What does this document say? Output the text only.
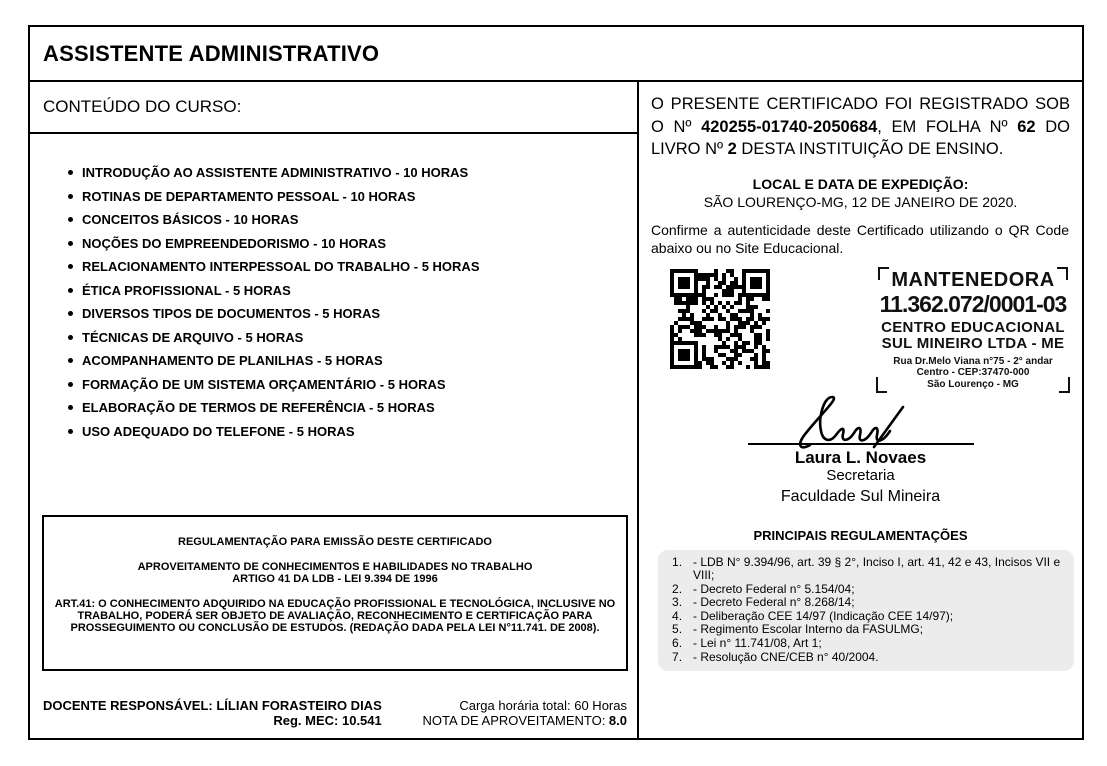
ASSISTENTE ADMINISTRATIVO
CONTEÚDO DO CURSO:
INTRODUÇÃO AO ASSISTENTE ADMINISTRATIVO - 10 HORAS
ROTINAS DE DEPARTAMENTO PESSOAL - 10 HORAS
CONCEITOS BÁSICOS - 10 HORAS
NOÇÕES DO EMPREENDEDORISMO - 10 HORAS
RELACIONAMENTO INTERPESSOAL DO TRABALHO - 5 HORAS
ÉTICA PROFISSIONAL - 5 HORAS
DIVERSOS TIPOS DE DOCUMENTOS - 5 HORAS
TÉCNICAS DE ARQUIVO - 5 HORAS
ACOMPANHAMENTO DE PLANILHAS - 5 HORAS
FORMAÇÃO DE UM SISTEMA ORÇAMENTÁRIO - 5 HORAS
ELABORAÇÃO DE TERMOS DE REFERÊNCIA - 5 HORAS
USO ADEQUADO DO TELEFONE - 5 HORAS
REGULAMENTAÇÃO PARA EMISSÃO DESTE CERTIFICADO
APROVEITAMENTO DE CONHECIMENTOS E HABILIDADES NO TRABALHO
ARTIGO 41 DA LDB - LEI 9.394 DE 1996
ART.41: O CONHECIMENTO ADQUIRIDO NA EDUCAÇÃO PROFISSIONAL E TECNOLÓGICA, INCLUSIVE NO TRABALHO, PODERÁ SER OBJETO DE AVALIAÇÃO, RECONHECIMENTO E CERTIFICAÇÃO PARA PROSSEGUIMENTO OU CONCLUSÃO DE ESTUDOS. (REDAÇÃO DADA PELA LEI N°11.741. DE 2008).
DOCENTE RESPONSÁVEL: LÍLIAN FORASTEIRO DIAS
Reg. MEC: 10.541
Carga horária total: 60 Horas
NOTA DE APROVEITAMENTO: 8.0

O PRESENTE CERTIFICADO FOI REGISTRADO SOB O Nº 420255-01740-2050684, EM FOLHA Nº 62 DO LIVRO Nº 2 DESTA INSTITUIÇÃO DE ENSINO.

LOCAL E DATA DE EXPEDIÇÃO:
SÃO LOURENÇO-MG, 12 DE JANEIRO DE 2020.

Confirme a autenticidade deste Certificado utilizando o QR Code abaixo ou no Site Educacional.

MANTENEDORA
11.362.072/0001-03
CENTRO EDUCACIONAL
SUL MINEIRO LTDA - ME
Rua Dr.Melo Viana n°75 - 2° andar
Centro - CEP:37470-000
São Lourenço - MG
Laura L. Novaes
Secretaria
Faculdade Sul Mineira
PRINCIPAIS REGULAMENTAÇÕES
- LDB N° 9.394/96, art. 39 § 2°, Inciso I, art. 41, 42 e 43, Incisos VII e VIII;
- Decreto Federal n° 5.154/04;
- Decreto Federal n° 8.268/14;
- Deliberação CEE 14/97 (Indicação CEE 14/97);
- Regimento Escolar Interno da FASULMG;
- Lei n° 11.741/08, Art 1;
- Resolução CNE/CEB n° 40/2004.
